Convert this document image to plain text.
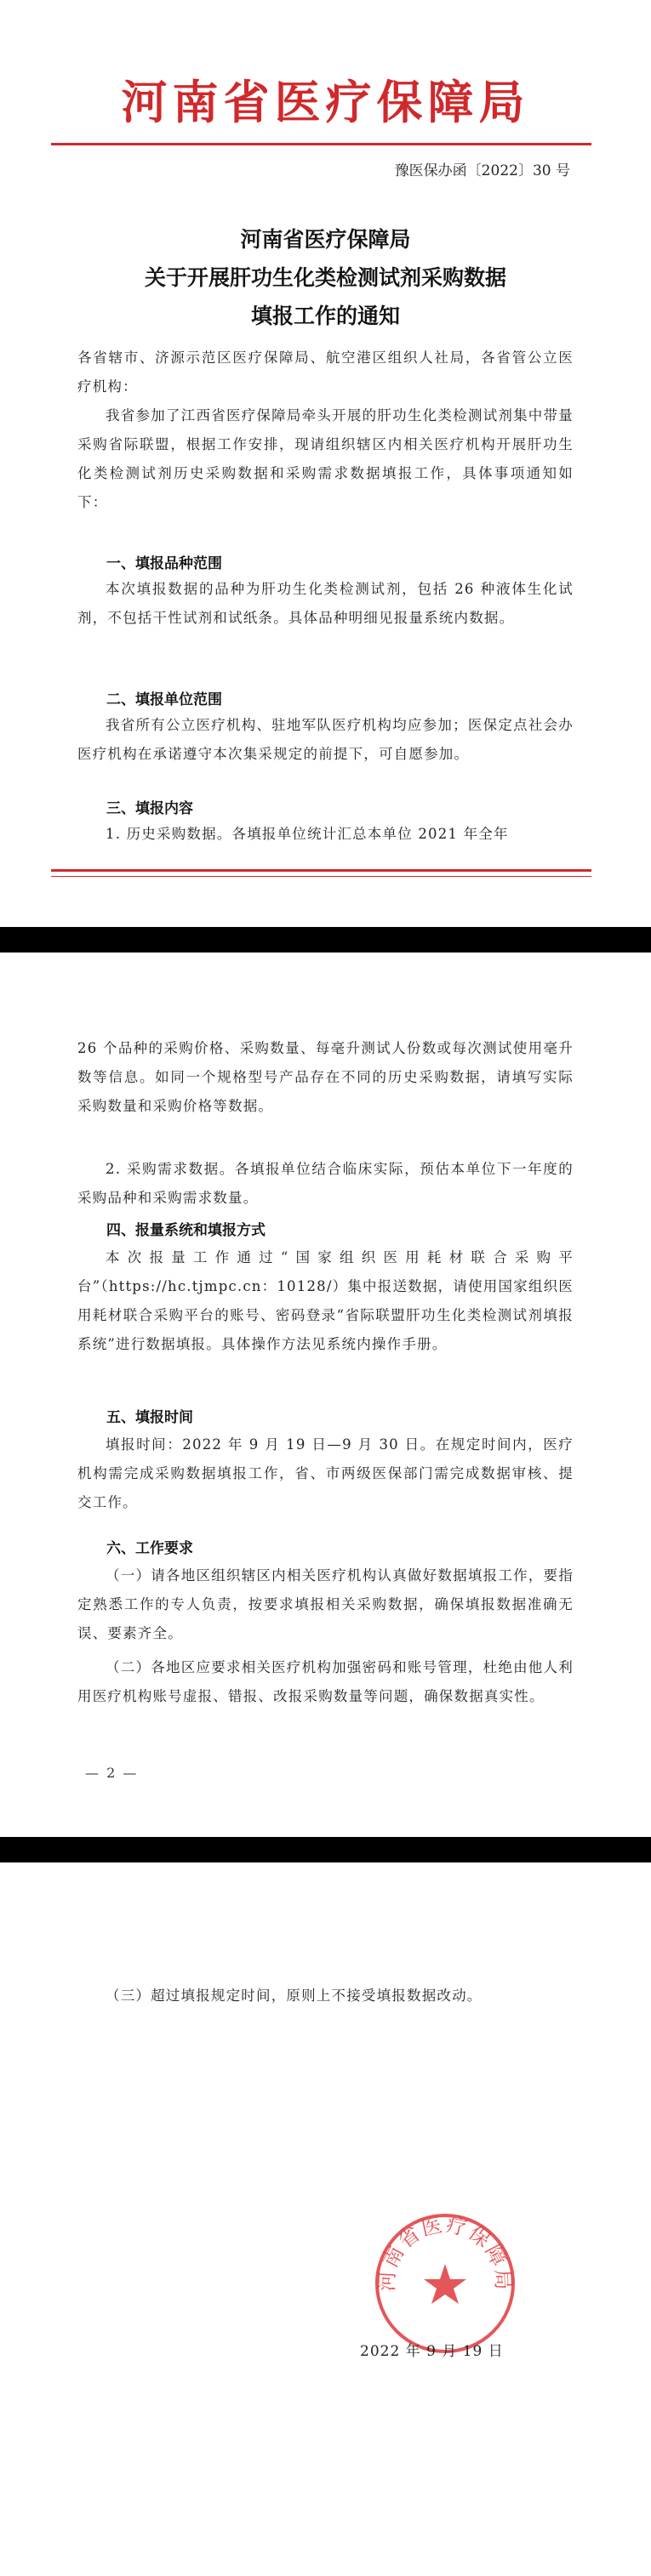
河南省医疗保障局
豫医保办函〔2022〕30 号
河南省医疗保障局
关于开展肝功生化类检测试剂采购数据
填报工作的通知
各省辖市、济源示范区医疗保障局、航空港区组织人社局，各省管公立医疗机构：
我省参加了江西省医疗保障局牵头开展的肝功生化类检测试剂集中带量采购省际联盟，根据工作安排，现请组织辖区内相关医疗机构开展肝功生化类检测试剂历史采购数据和采购需求数据填报工作，具体事项通知如下：
一、填报品种范围
本次填报数据的品种为肝功生化类检测试剂，包括 26 种液体生化试剂，不包括干性试剂和试纸条。具体品种明细见报量系统内数据。
二、填报单位范围
我省所有公立医疗机构、驻地军队医疗机构均应参加；医保定点社会办医疗机构在承诺遵守本次集采规定的前提下，可自愿参加。
三、填报内容
1. 历史采购数据。各填报单位统计汇总本单位 2021 年全年
26 个品种的采购价格、采购数量、每毫升测试人份数或每次测试使用毫升数等信息。如同一个规格型号产品存在不同的历史采购数据，请填写实际采购数量和采购价格等数据。
2. 采购需求数据。各填报单位结合临床实际，预估本单位下一年度的采购品种和采购需求数量。
四、报量系统和填报方式
本次报量工作通过“国家组织医用耗材联合采购平台”（https://hc.tjmpc.cn：10128/）集中报送数据，请使用国家组织医用耗材联合采购平台的账号、密码登录“省际联盟肝功生化类检测试剂填报系统”进行数据填报。具体操作方法见系统内操作手册。
五、填报时间
填报时间：2022 年 9 月 19 日—9 月 30 日。在规定时间内，医疗机构需完成采购数据填报工作，省、市两级医保部门需完成数据审核、提交工作。
六、工作要求
（一）请各地区组织辖区内相关医疗机构认真做好数据填报工作，要指定熟悉工作的专人负责，按要求填报相关采购数据，确保填报数据准确无误、要素齐全。
（二）各地区应要求相关医疗机构加强密码和账号管理，杜绝由他人利用医疗机构账号虚报、错报、改报采购数量等问题，确保数据真实性。
— 2 —
（三）超过填报规定时间，原则上不接受填报数据改动。
河南省医疗保障局
2022 年 9 月 19 日
